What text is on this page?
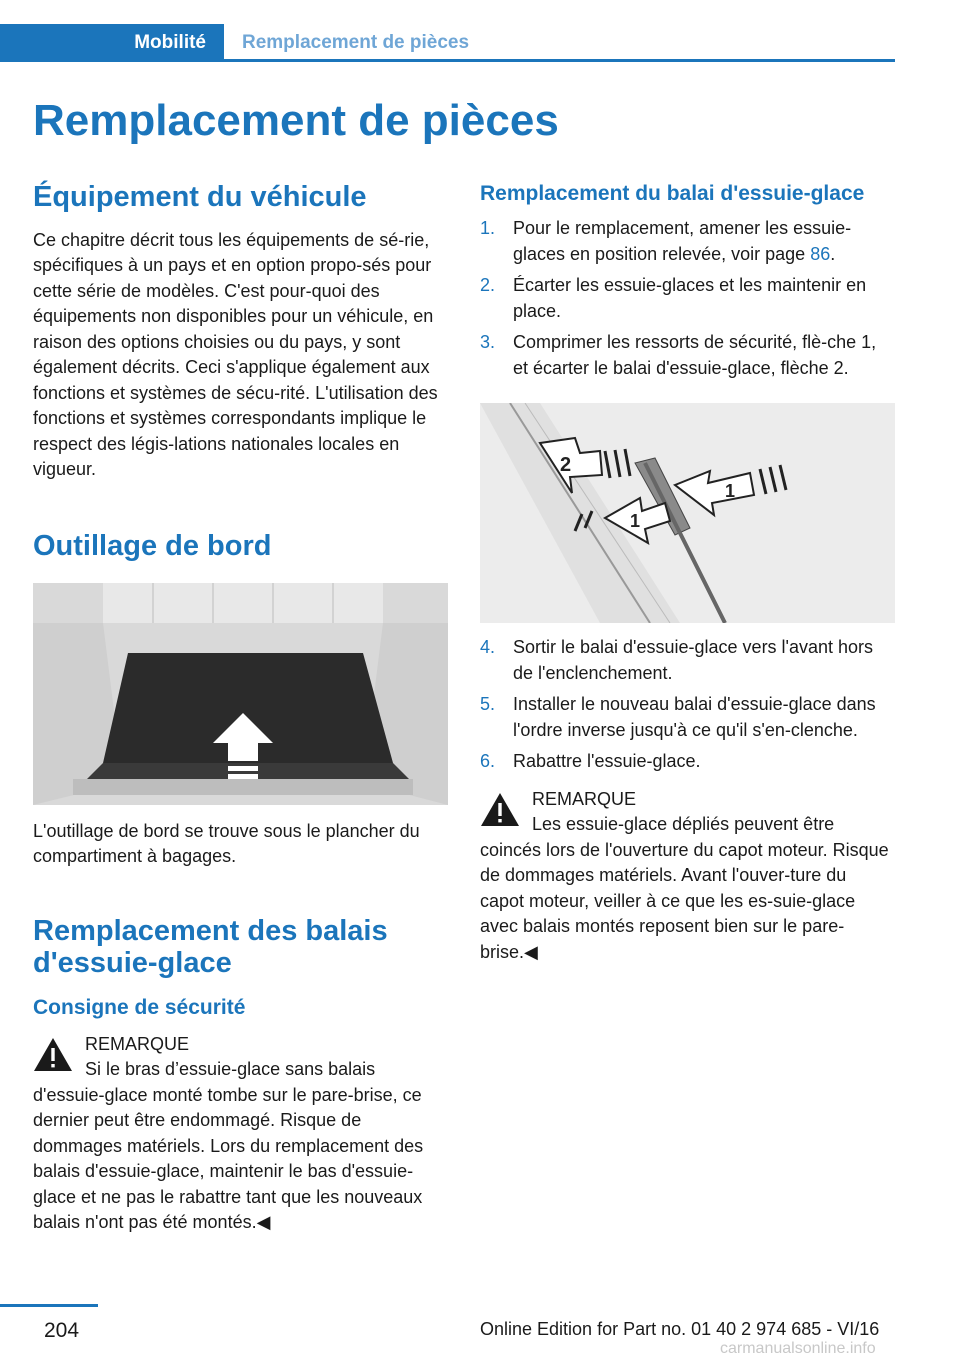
Mobilité Remplacement de pièces
Remplacement de pièces
Équipement du véhicule

Ce chapitre décrit tous les équipements de sé-rie, spécifiques à un pays et en option propo-sés pour cette série de modèles. C'est pour-quoi des équipements non disponibles pour un véhicule, en raison des options choisies ou du pays, y sont également décrits. Ceci s'applique également aux fonctions et systèmes de sécu-rité. L'utilisation des fonctions et systèmes correspondants implique le respect des légis-lations nationales locales en vigueur.

Outillage de bord

L'outillage de bord se trouve sous le plancher du compartiment à bagages.

Remplacement des balais d'essuie-glace
Consigne de sécurité
REMARQUE
Si le bras d’essuie-glace sans balais
d'essuie-glace monté tombe sur le pare-brise, ce dernier peut être endommagé. Risque de dommages matériels. Lors du remplacement des balais d'essuie-glace, maintenir le bas d'essuie-glace et ne pas le rabattre tant que les nouveaux balais n'ont pas été montés.◀
Remplacement du balai d'essuie-glace
1. Pour le remplacement, amener les essuie-glaces en position relevée, voir page 86.
2. Écarter les essuie-glaces et les maintenir en place.
3. Comprimer les ressorts de sécurité, flè-che 1, et écarter le balai d'essuie-glace, flèche 2.
2
1
1
4. Sortir le balai d'essuie-glace vers l'avant hors de l'enclenchement.
5. Installer le nouveau balai d'essuie-glace dans l'ordre inverse jusqu'à ce qu'il s'en-clenche.
6. Rabattre l'essuie-glace.
REMARQUE
Les essuie-glace dépliés peuvent être
coincés lors de l'ouverture du capot moteur. Risque de dommages matériels. Avant l'ouver-ture du capot moteur, veiller à ce que les es-suie-glace avec balais montés reposent bien sur le pare-brise.◀
204	Online Edition for Part no. 01 40 2 974 685 - VI/16
carmanualsonline.info
